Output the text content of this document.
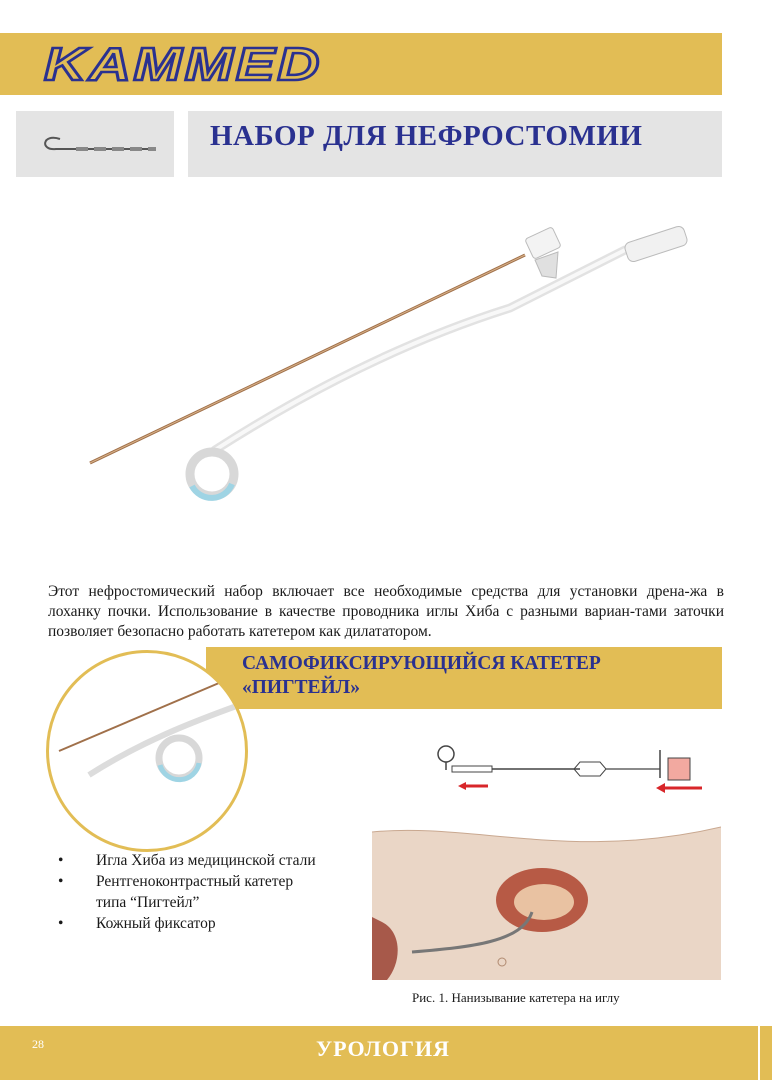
KAMMED
НАБОР ДЛЯ НЕФРОСТОМИИ
Этот нефростомический набор включает все необходимые средства для установки дрена-жа в лоханку почки. Использование в качестве проводника иглы Хиба с разными вариан-тами заточки позволяет безопасно работать катетером как дилататором.
САМОФИКСИРУЮЩИЙСЯ КАТЕТЕР
«ПИГТЕЙЛ»
• Игла Хиба из медицинской стали
• Рентгеноконтрастный катетер
типа “Пигтейл”
• Кожный фиксатор
Рис. 1. Нанизывание катетера на иглу
28	УРОЛОГИЯ
